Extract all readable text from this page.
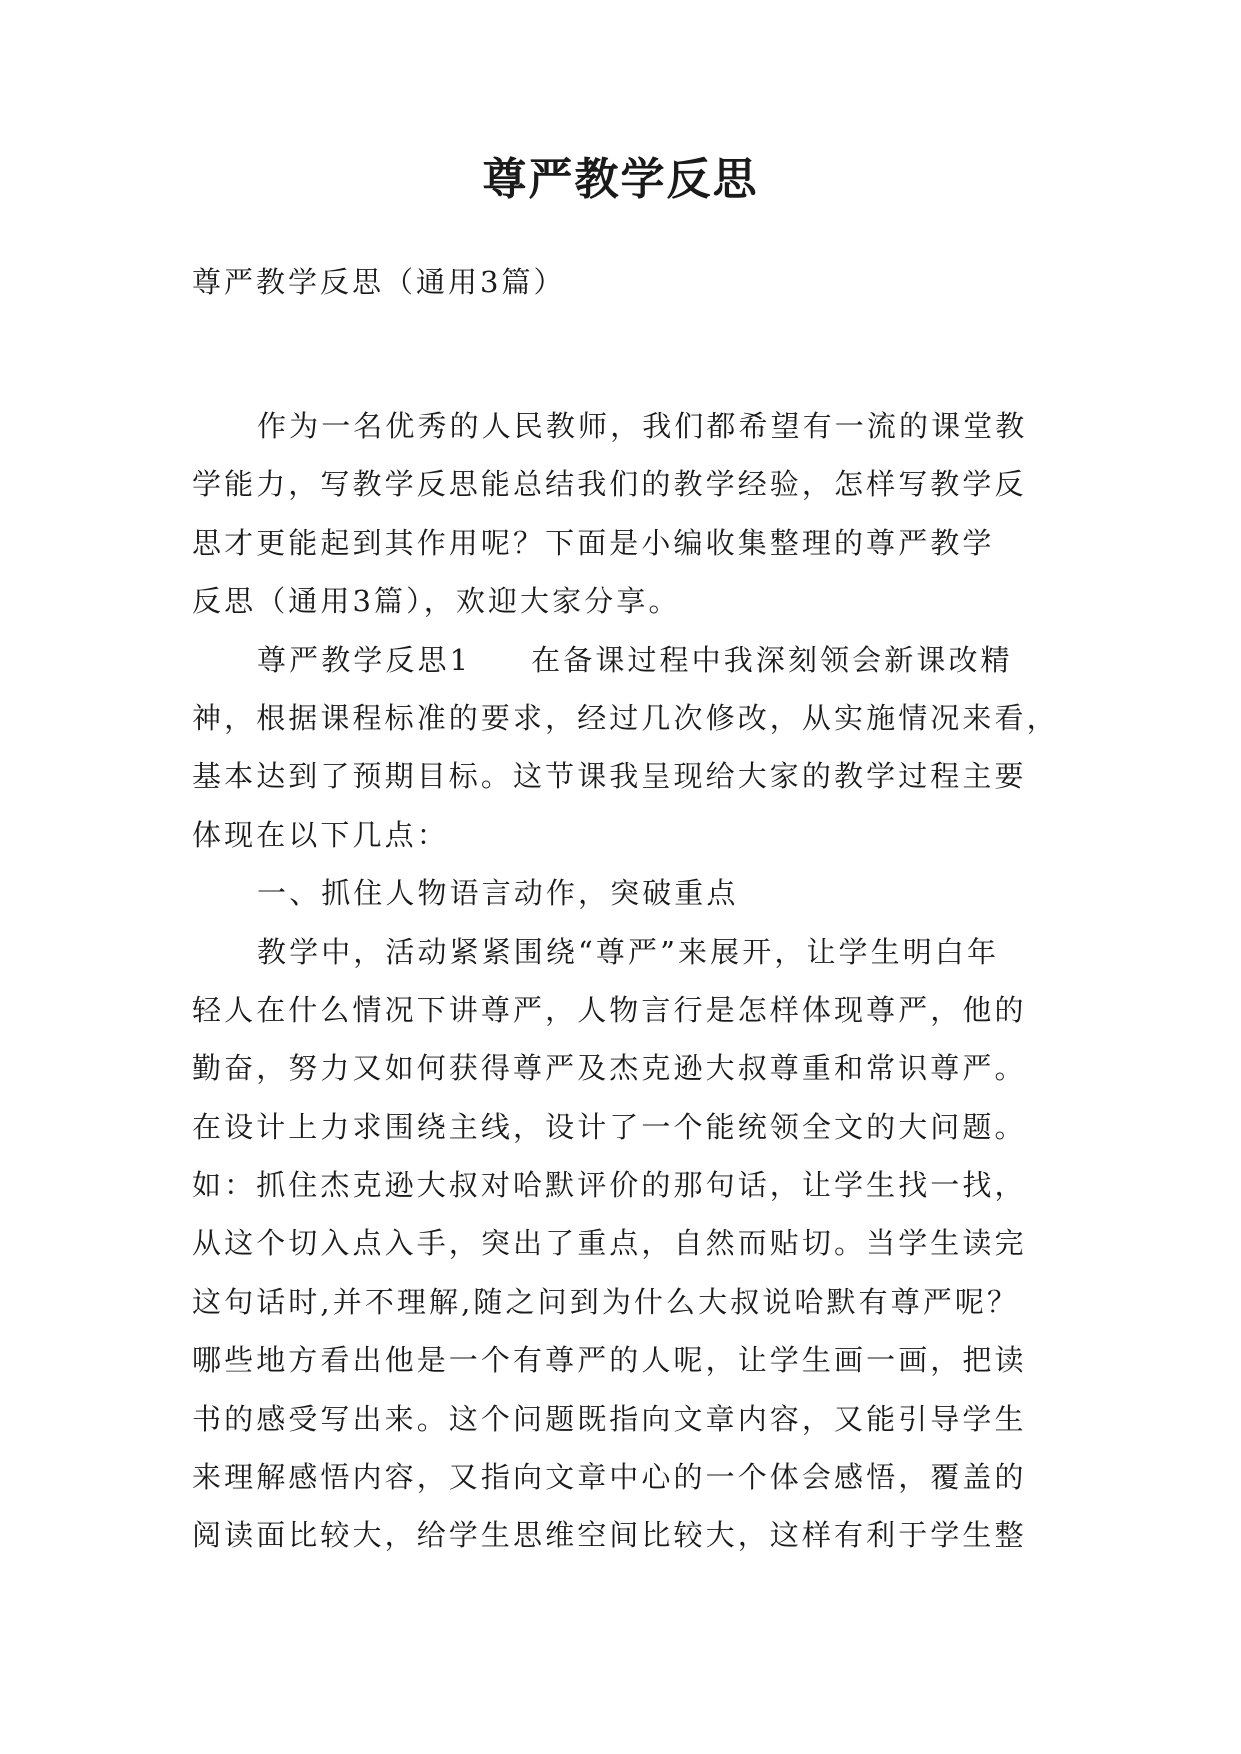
尊严教学反思

尊严教学反思（通用3篇）

作为一名优秀的人民教师，我们都希望有一流的课堂教
学能力，写教学反思能总结我们的教学经验，怎样写教学反
思才更能起到其作用呢？下面是小编收集整理的尊严教学
反思（通用3篇），欢迎大家分享。
尊严教学反思1 在备课过程中我深刻领会新课改精
神，根据课程标准的要求，经过几次修改，从实施情况来看，
基本达到了预期目标。这节课我呈现给大家的教学过程主要
体现在以下几点：
一、抓住人物语言动作，突破重点
教学中，活动紧紧围绕“尊严”来展开，让学生明白年
轻人在什么情况下讲尊严，人物言行是怎样体现尊严，他的
勤奋，努力又如何获得尊严及杰克逊大叔尊重和常识尊严。
在设计上力求围绕主线，设计了一个能统领全文的大问题。
如：抓住杰克逊大叔对哈默评价的那句话，让学生找一找，
从这个切入点入手，突出了重点，自然而贴切。当学生读完
这句话时,并不理解,随之问到为什么大叔说哈默有尊严呢？
哪些地方看出他是一个有尊严的人呢，让学生画一画，把读
书的感受写出来。这个问题既指向文章内容，又能引导学生
来理解感悟内容，又指向文章中心的一个体会感悟，覆盖的
阅读面比较大，给学生思维空间比较大，这样有利于学生整
